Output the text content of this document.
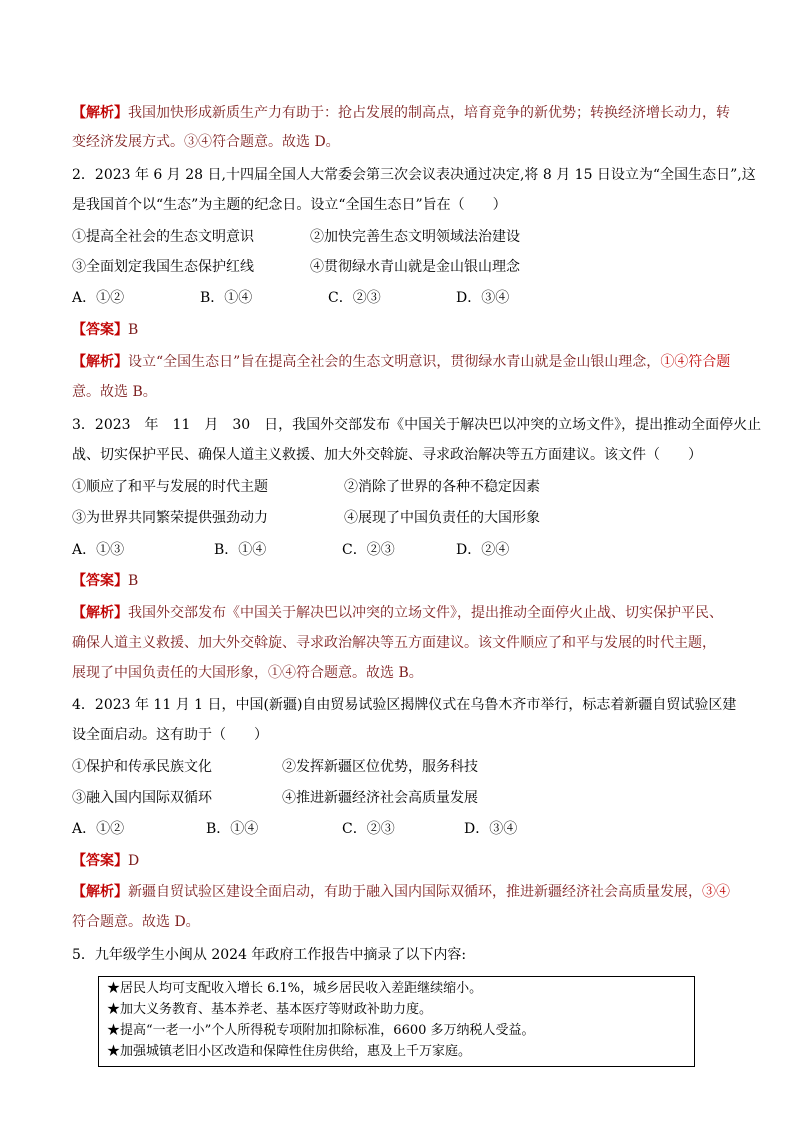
【解析】我国加快形成新质生产力有助于：抢占发展的制高点，培育竞争的新优势；转换经济增长动力，转
变经济发展方式。③④符合题意。故选 D。
2．2023 年 6 月 28 日,十四届全国人大常委会第三次会议表决通过决定,将 8 月 15 日设立为“全国生态日”,这
是我国首个以“生态”为主题的纪念日。设立“全国生态日”旨在（　　）
①提高全社会的生态文明意识	②加快完善生态文明领域法治建设
③全面划定我国生态保护红线	④贯彻绿水青山就是金山银山理念
A．①②	B．①④	C．②③	D．③④
【答案】B
【解析】设立“全国生态日”旨在提高全社会的生态文明意识，贯彻绿水青山就是金山银山理念，①④符合题
意。故选 B。
3．2023　年　11　月　30　日，我国外交部发布《中国关于解决巴以冲突的立场文件》，提出推动全面停火止
战、切实保护平民、确保人道主义救援、加大外交斡旋、寻求政治解决等五方面建议。该文件（　　）
①顺应了和平与发展的时代主题	②消除了世界的各种不稳定因素
③为世界共同繁荣提供强劲动力	④展现了中国负责任的大国形象
A．①③	B．①④	C．②③	D．②④
【答案】B
【解析】我国外交部发布《中国关于解决巴以冲突的立场文件》，提出推动全面停火止战、切实保护平民、
确保人道主义救援、加大外交斡旋、寻求政治解决等五方面建议。该文件顺应了和平与发展的时代主题，
展现了中国负责任的大国形象，①④符合题意。故选 B。
4．2023 年 11 月 1 日，中国(新疆)自由贸易试验区揭牌仪式在乌鲁木齐市举行，标志着新疆自贸试验区建
设全面启动。这有助于（　　）
①保护和传承民族文化	②发挥新疆区位优势，服务科技
③融入国内国际双循环	④推进新疆经济社会高质量发展
A．①②	B．①④	C．②③	D．③④
【答案】D
【解析】新疆自贸试验区建设全面启动，有助于融入国内国际双循环，推进新疆经济社会高质量发展，③④
符合题意。故选 D。
5．九年级学生小闽从 2024 年政府工作报告中摘录了以下内容:
★居民人均可支配收入增长 6.1%，城乡居民收入差距继续缩小。
★加大义务教育、基本养老、基本医疗等财政补助力度。
★提高“一老一小”个人所得税专项附加扣除标准，6600 多万纳税人受益。
★加强城镇老旧小区改造和保障性住房供给，惠及上千万家庭。
